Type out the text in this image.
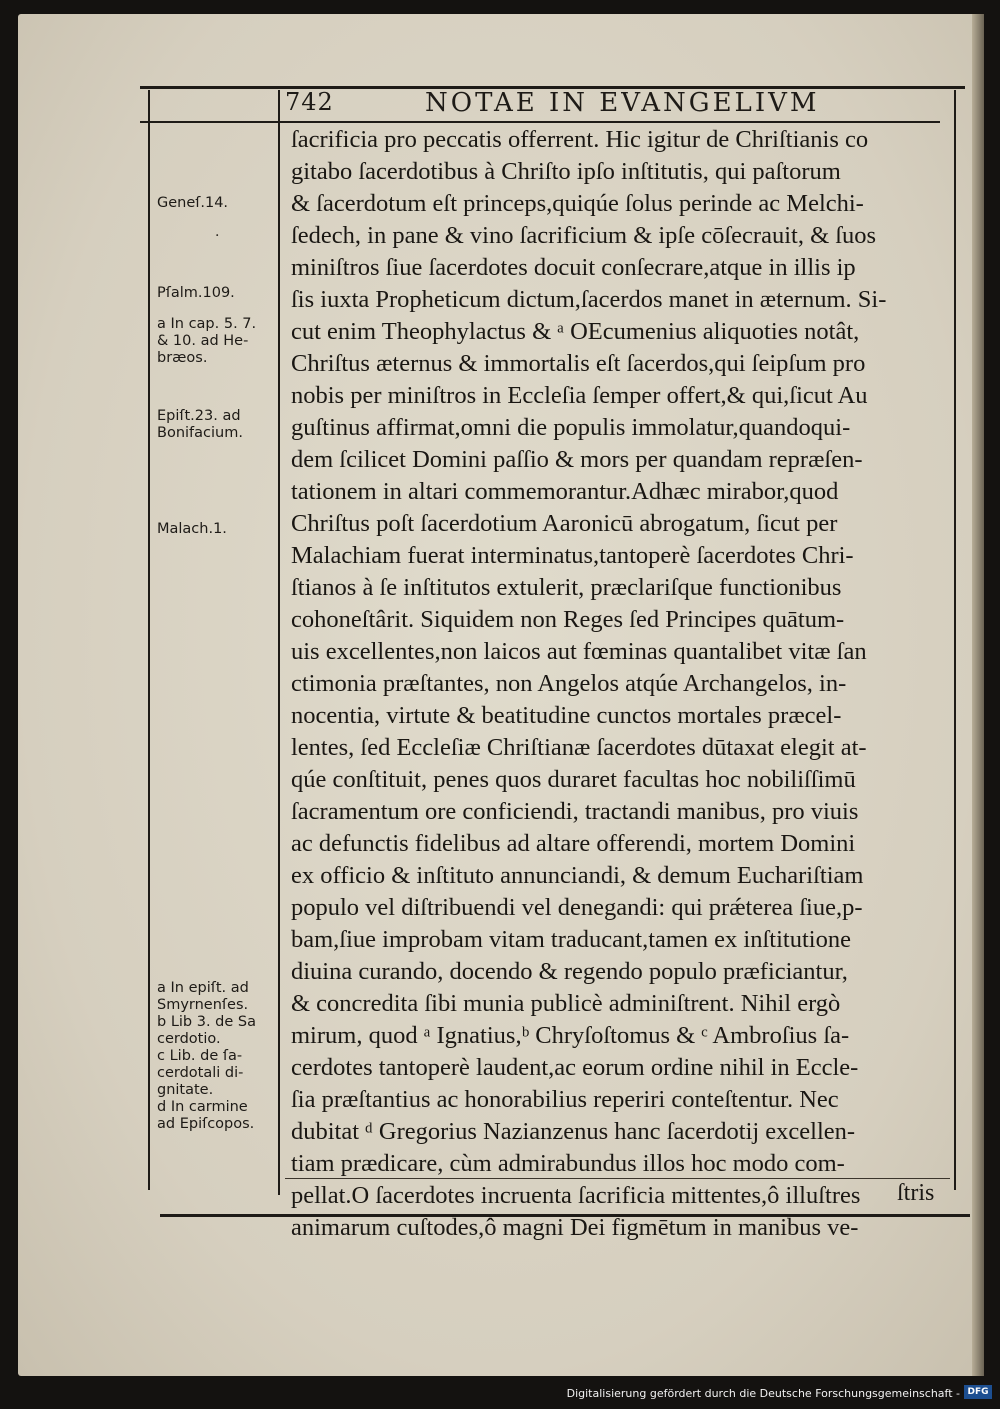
742	NOTAE IN EVANGELIVM
ſacrificia pro peccatis offerrent. Hic igitur de Chriſtianis co
gitabo ſacerdotibus à Chriſto ipſo inſtitutis, qui paſtorum
& ſacerdotum eſt princeps,quiqúe ſolus perinde ac Melchi-
ſedech, in pane & vino ſacrificium & ipſe cōſecrauit, & ſuos
miniſtros ſiue ſacerdotes docuit conſecrare,atque in illis ip
ſis iuxta Propheticum dictum,ſacerdos manet in æternum. Si-
cut enim Theophylactus & ᵃ OEcumenius aliquoties notât,
Chriſtus æternus & immortalis eſt ſacerdos,qui ſeipſum pro
nobis per miniſtros in Eccleſia ſemper offert,& qui,ſicut Au
guſtinus affirmat,omni die populis immolatur,quandoqui-
dem ſcilicet Domini paſſio & mors per quandam repræſen-
tationem in altari commemorantur.Adhæc mirabor,quod
Chriſtus poſt ſacerdotium Aaronicū abrogatum, ſicut per
Malachiam fuerat interminatus,tantoperè ſacerdotes Chri-
ſtianos à ſe inſtitutos extulerit, præclariſque functionibus
cohoneſtârit. Siquidem non Reges ſed Principes quātum-
uis excellentes,non laicos aut fœminas quantalibet vitæ ſan
ctimonia præſtantes, non Angelos atqúe Archangelos, in-
nocentia, virtute & beatitudine cunctos mortales præcel-
lentes, ſed Eccleſiæ Chriſtianæ ſacerdotes dūtaxat elegit at-
qúe conſtituit, penes quos duraret facultas hoc nobiliſſimū
ſacramentum ore conficiendi, tractandi manibus, pro viuis
ac defunctis fidelibus ad altare offerendi, mortem Domini
ex officio & inſtituto annunciandi, & demum Euchariſtiam
populo vel diſtribuendi vel denegandi: qui prǽterea ſiue,p-
bam,ſiue improbam vitam traducant,tamen ex inſtitutione
diuina curando, docendo & regendo populo præficiantur,
& concredita ſibi munia publicè adminiſtrent. Nihil ergò
mirum, quod ᵃ Ignatius,ᵇ Chryſoſtomus & ᶜ Ambroſius ſa-
cerdotes tantoperè laudent,ac eorum ordine nihil in Eccle-
ſia præſtantius ac honorabilius reperiri conteſtentur. Nec
dubitat ᵈ Gregorius Nazianzenus hanc ſacerdotij excellen-
tiam prædicare, cùm admirabundus illos hoc modo com-
pellat.O ſacerdotes incruenta ſacrificia mittentes,ô illuſtres
animarum cuſtodes,ô magni Dei figmētum in manibus ve-
ſtris
Geneſ.14.
Pſalm.109.
a In cap. 5. 7.
& 10. ad He-
bræos.
Epiſt.23. ad
Bonifacium.
Malach.1.
a In epiſt. ad
Smyrnenſes.
b Lib 3. de Sa
cerdotio.
c Lib. de ſa-
cerdotali di-
gnitate.
d In carmine
ad Epiſcopos.
·
Digitalisierung gefördert durch die Deutsche Forschungsgemeinschaft - DFG
